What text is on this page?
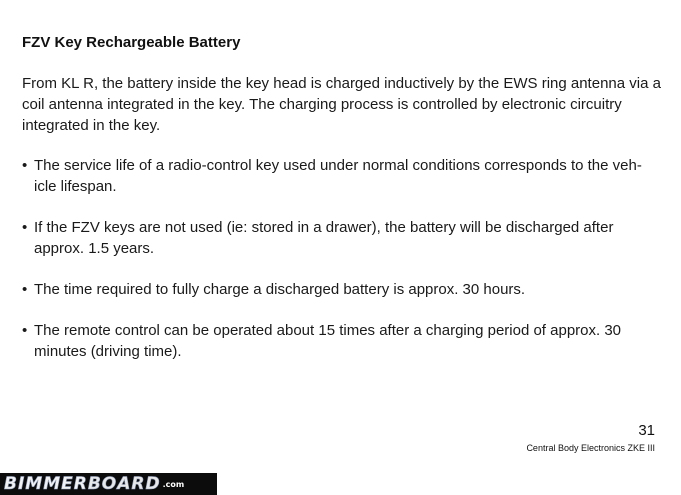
FZV Key Rechargeable Battery
From KL R, the battery inside the key head is charged inductively by the EWS ring antenna via a coil antenna integrated in the key. The charging process is controlled by electronic circuitry integrated in the key.
• The service life of a radio-control key used under normal conditions corresponds to the veh-icle lifespan.
• If the FZV keys are not used (ie: stored in a drawer), the battery will be discharged after approx. 1.5 years.
• The time required to fully charge a discharged battery is approx. 30 hours.
• The remote control can be operated about 15 times after a charging period of approx. 30 minutes (driving time).
31
Central Body Electronics ZKE III
BIMMER BOARD .com
